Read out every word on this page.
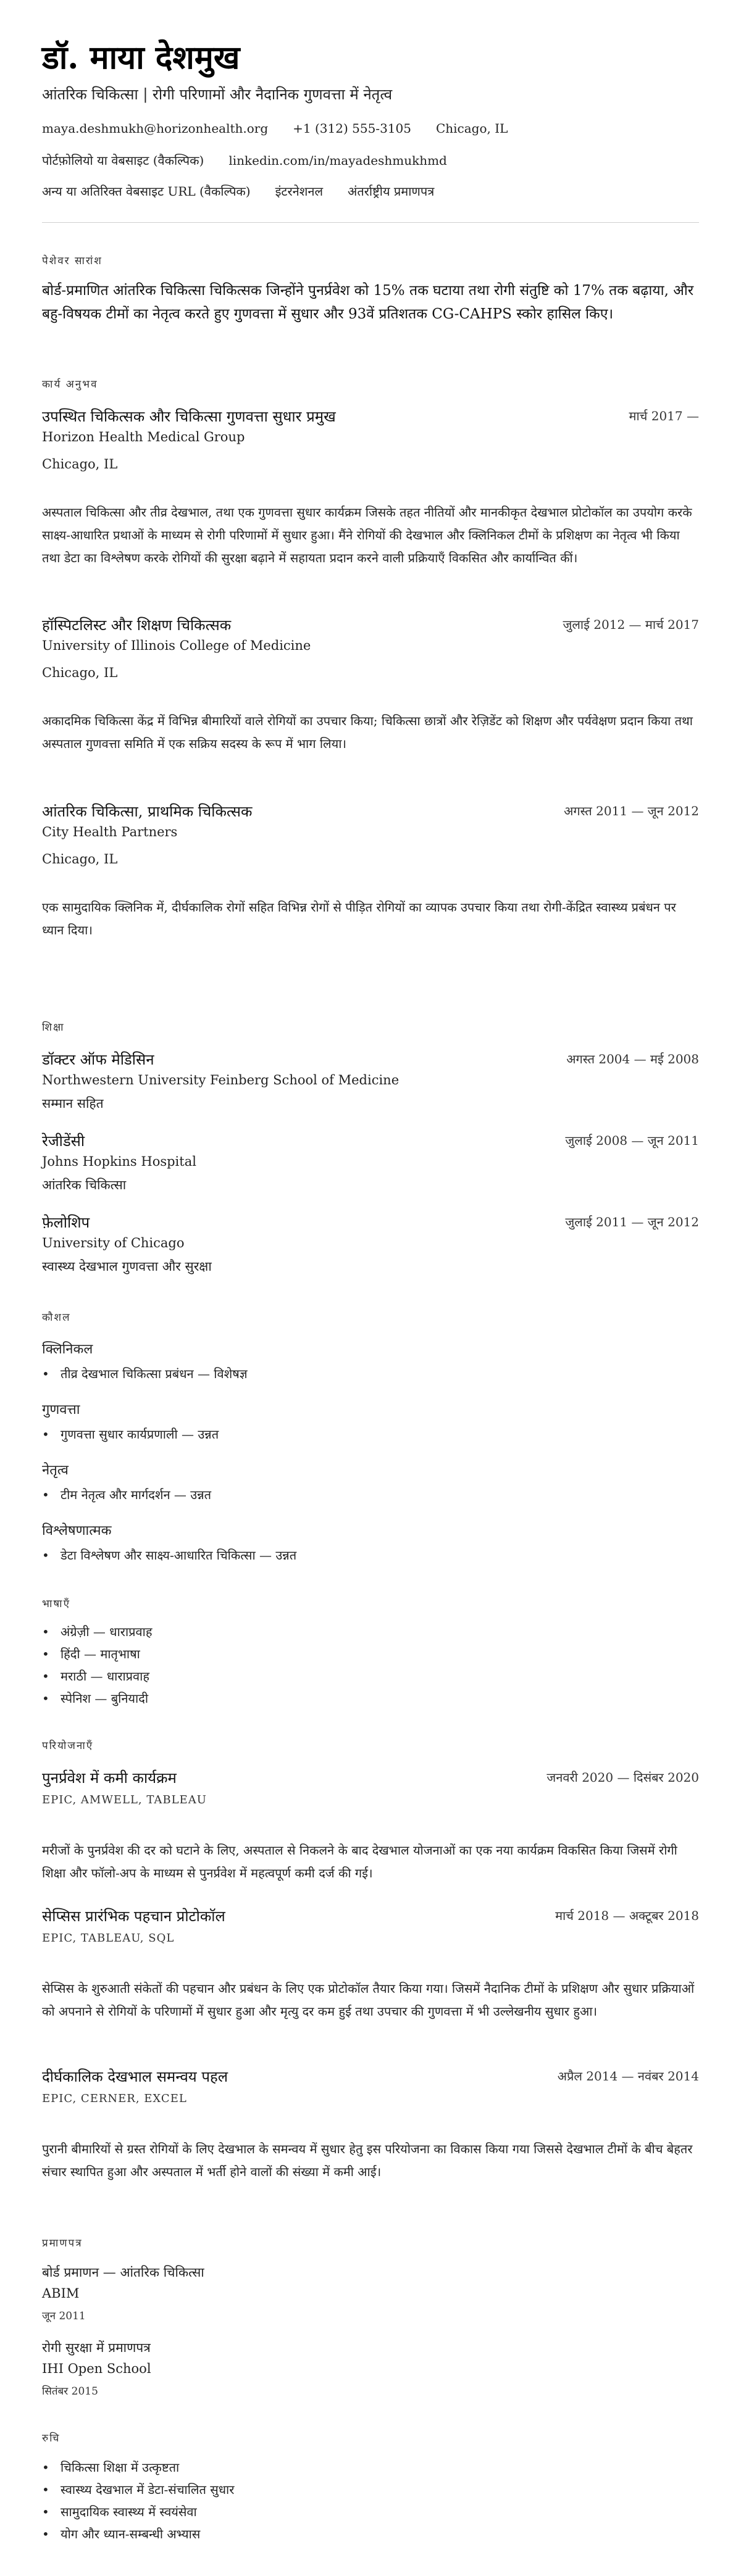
डॉ. माया देशमुख
आंतरिक चिकित्सा | रोगी परिणामों और नैदानिक गुणवत्ता में नेतृत्व
maya.deshmukh@horizonhealth.org +1 (312) 555-3105 Chicago, IL
पोर्टफ़ोलियो या वेबसाइट (वैकल्पिक) linkedin.com/in/mayadeshmukhmd
अन्य या अतिरिक्त वेबसाइट URL (वैकल्पिक) इंटरनेशनल अंतर्राष्ट्रीय प्रमाणपत्र
पेशेवर सारांश
बोर्ड-प्रमाणित आंतरिक चिकित्सा चिकित्सक जिन्होंने पुनर्प्रवेश को 15% तक घटाया तथा रोगी संतुष्टि को 17% तक बढ़ाया, और बहु-विषयक टीमों का नेतृत्व करते हुए गुणवत्ता में सुधार और 93वें प्रतिशतक CG-CAHPS स्कोर हासिल किए।
कार्य अनुभव
उपस्थित चिकित्सक और चिकित्सा गुणवत्ता सुधार प्रमुख	मार्च 2017 —
Horizon Health Medical Group
Chicago, IL
अस्पताल चिकित्सा और तीव्र देखभाल, तथा एक गुणवत्ता सुधार कार्यक्रम जिसके तहत नीतियों और मानकीकृत देखभाल प्रोटोकॉल का उपयोग करके साक्ष्य-आधारित प्रथाओं के माध्यम से रोगी परिणामों में सुधार हुआ। मैंने रोगियों की देखभाल और क्लिनिकल टीमों के प्रशिक्षण का नेतृत्व भी किया तथा डेटा का विश्लेषण करके रोगियों की सुरक्षा बढ़ाने में सहायता प्रदान करने वाली प्रक्रियाएँ विकसित और कार्यान्वित कीं।
हॉस्पिटलिस्ट और शिक्षण चिकित्सक	जुलाई 2012 — मार्च 2017
University of Illinois College of Medicine
Chicago, IL
अकादमिक चिकित्सा केंद्र में विभिन्न बीमारियों वाले रोगियों का उपचार किया; चिकित्सा छात्रों और रेज़िडेंट को शिक्षण और पर्यवेक्षण प्रदान किया तथा अस्पताल गुणवत्ता समिति में एक सक्रिय सदस्य के रूप में भाग लिया।
आंतरिक चिकित्सा, प्राथमिक चिकित्सक	अगस्त 2011 — जून 2012
City Health Partners
Chicago, IL
एक सामुदायिक क्लिनिक में, दीर्घकालिक रोगों सहित विभिन्न रोगों से पीड़ित रोगियों का व्यापक उपचार किया तथा रोगी-केंद्रित स्वास्थ्य प्रबंधन पर ध्यान दिया।
शिक्षा
डॉक्टर ऑफ मेडिसिन	अगस्त 2004 — मई 2008
Northwestern University Feinberg School of Medicine
सम्मान सहित
रेजीडेंसी	जुलाई 2008 — जून 2011
Johns Hopkins Hospital
आंतरिक चिकित्सा
फ़ेलोशिप	जुलाई 2011 — जून 2012
University of Chicago
स्वास्थ्य देखभाल गुणवत्ता और सुरक्षा
कौशल
क्लिनिकल
• तीव्र देखभाल चिकित्सा प्रबंधन — विशेषज्ञ
गुणवत्ता
• गुणवत्ता सुधार कार्यप्रणाली — उन्नत
नेतृत्व
• टीम नेतृत्व और मार्गदर्शन — उन्नत
विश्लेषणात्मक
• डेटा विश्लेषण और साक्ष्य-आधारित चिकित्सा — उन्नत
भाषाएँ
• अंग्रेज़ी — धाराप्रवाह
• हिंदी — मातृभाषा
• मराठी — धाराप्रवाह
• स्पेनिश — बुनियादी
परियोजनाएँ
पुनर्प्रवेश में कमी कार्यक्रम	जनवरी 2020 — दिसंबर 2020
EPIC, AMWELL, TABLEAU
मरीजों के पुनर्प्रवेश की दर को घटाने के लिए, अस्पताल से निकलने के बाद देखभाल योजनाओं का एक नया कार्यक्रम विकसित किया जिसमें रोगी शिक्षा और फॉलो-अप के माध्यम से पुनर्प्रवेश में महत्वपूर्ण कमी दर्ज की गई।
सेप्सिस प्रारंभिक पहचान प्रोटोकॉल	मार्च 2018 — अक्टूबर 2018
EPIC, TABLEAU, SQL
सेप्सिस के शुरुआती संकेतों की पहचान और प्रबंधन के लिए एक प्रोटोकॉल तैयार किया गया। जिसमें नैदानिक टीमों के प्रशिक्षण और सुधार प्रक्रियाओं को अपनाने से रोगियों के परिणामों में सुधार हुआ और मृत्यु दर कम हुई तथा उपचार की गुणवत्ता में भी उल्लेखनीय सुधार हुआ।
दीर्घकालिक देखभाल समन्वय पहल	अप्रैल 2014 — नवंबर 2014
EPIC, CERNER, EXCEL
पुरानी बीमारियों से ग्रस्त रोगियों के लिए देखभाल के समन्वय में सुधार हेतु इस परियोजना का विकास किया गया जिससे देखभाल टीमों के बीच बेहतर संचार स्थापित हुआ और अस्पताल में भर्ती होने वालों की संख्या में कमी आई।
प्रमाणपत्र
बोर्ड प्रमाणन — आंतरिक चिकित्सा
ABIM
जून 2011
रोगी सुरक्षा में प्रमाणपत्र
IHI Open School
सितंबर 2015
रुचि
• चिकित्सा शिक्षा में उत्कृष्टता
• स्वास्थ्य देखभाल में डेटा-संचालित सुधार
• सामुदायिक स्वास्थ्य में स्वयंसेवा
• योग और ध्यान-सम्बन्धी अभ्यास
